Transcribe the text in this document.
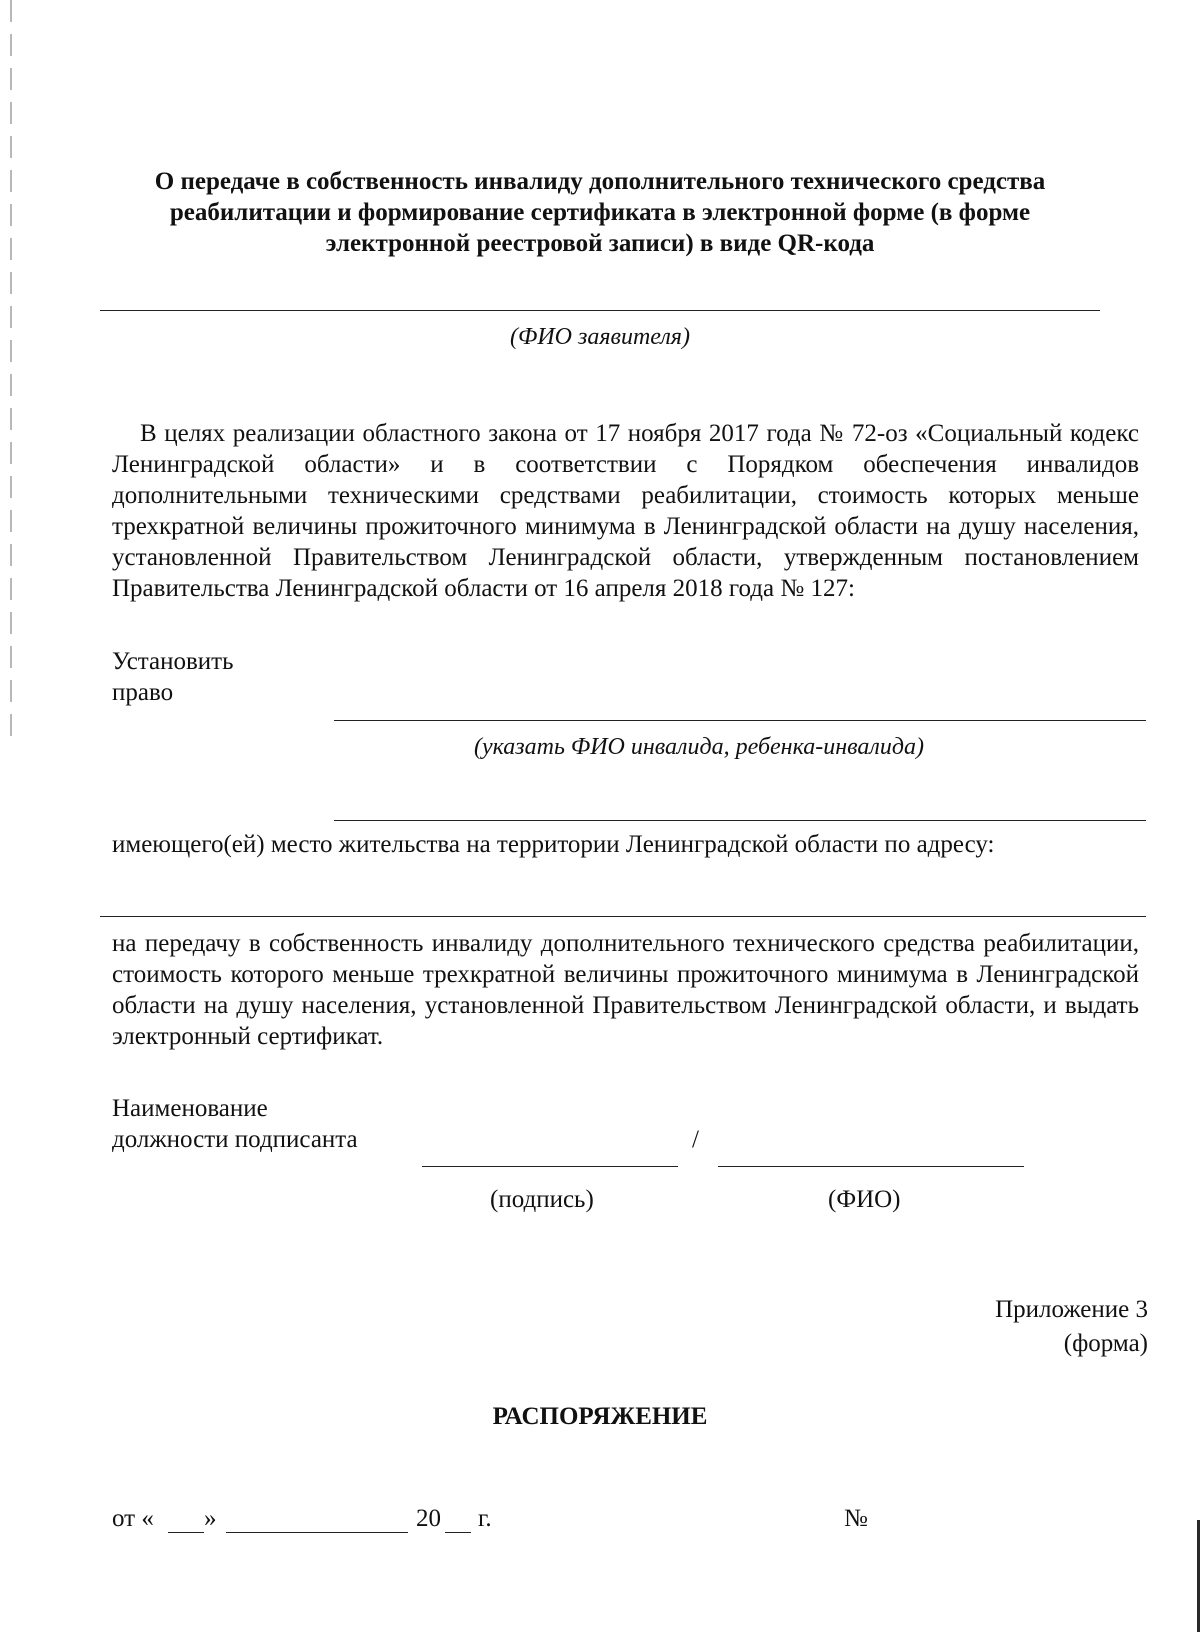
О передаче в собственность инвалиду дополнительного технического средства реабилитации и формирование сертификата в электронной форме (в форме электронной реестровой записи) в виде QR-кода
(ФИО заявителя)
В целях реализации областного закона от 17 ноября 2017 года № 72-оз «Социальный кодекс Ленинградской области» и в соответствии с Порядком обеспечения инвалидов дополнительными техническими средствами реабилитации, стоимость которых меньше трехкратной величины прожиточного минимума в Ленинградской области на душу населения, установленной Правительством Ленинградской области, утвержденным постановлением Правительства Ленинградской области от 16 апреля 2018 года № 127:
Установить
право
(указать ФИО инвалида, ребенка-инвалида)
имеющего(ей) место жительства на территории Ленинградской области по адресу:
на передачу в собственность инвалиду дополнительного технического средства реабилитации, стоимость которого меньше трехкратной величины прожиточного минимума в Ленинградской области на душу населения, установленной Правительством Ленинградской области, и выдать электронный сертификат.
Наименование
должности подписанта	/
(подпись)	(ФИО)
Приложение 3
(форма)
РАСПОРЯЖЕНИЕ
от « »	20 г.	№
